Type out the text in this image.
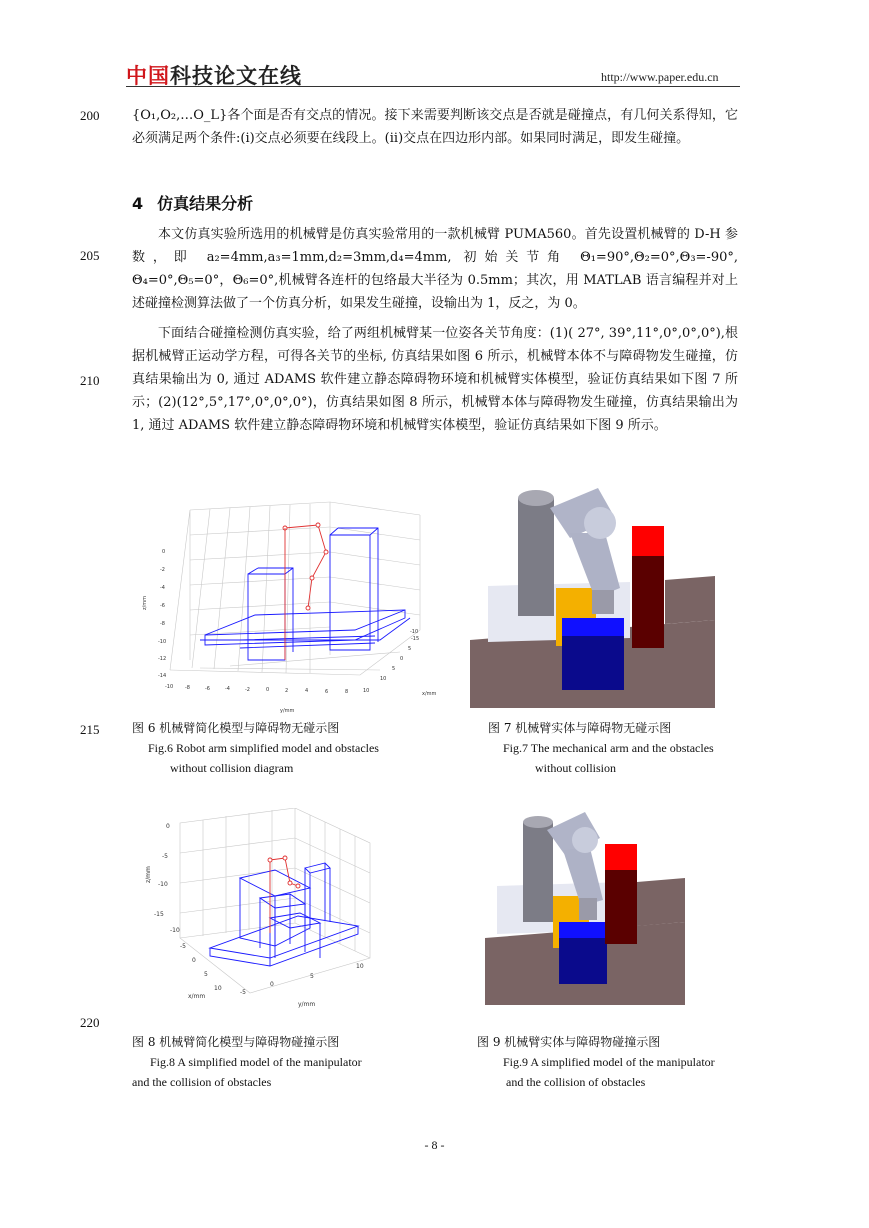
中国科技论文在线	http://www.paper.edu.cn
200
205
210
215
220
{O₁,O₂,…O_L}各个面是否有交点的情况。接下来需要判断该交点是否就是碰撞点，有几何关系得知，它必须满足两个条件:(i)交点必须要在线段上。(ii)交点在四边形内部。如果同时满足，即发生碰撞。
4 仿真结果分析
本文仿真实验所选用的机械臂是仿真实验常用的一款机械臂 PUMA560。首先设置机械臂的 D-H 参数，即 a₂=4mm,a₃=1mm,d₂=3mm,d₄=4mm, 初始关节角 Θ₁=90°,Θ₂=0°,Θ₃=-90°, Θ₄=0°,Θ₅=0°，Θ₆=0°,机械臂各连杆的包络最大半径为 0.5mm；其次，用 MATLAB 语言编程并对上述碰撞检测算法做了一个仿真分析，如果发生碰撞，设输出为 1，反之，为 0。
下面结合碰撞检测仿真实验，给了两组机械臂某一位姿各关节角度：(1)( 27°, 39°,11°,0°,0°,0°),根据机械臂正运动学方程，可得各关节的坐标, 仿真结果如图 6 所示，机械臂本体不与障碍物发生碰撞，仿真结果输出为 0, 通过 ADAMS 软件建立静态障碍物环境和机械臂实体模型，验证仿真结果如下图 7 所示；(2)(12°,5°,17°,0°,0°,0°)，仿真结果如图 8 所示，机械臂本体与障碍物发生碰撞，仿真结果输出为 1, 通过 ADAMS 软件建立静态障碍物环境和机械臂实体模型，验证仿真结果如下图 9 所示。
0
-2
-4
-6
-8
-10
-12
-14
z/mm
-10 -8	-6	-4	-2	0	2	4	6	8	10
y/mm
-10
-15
5
0
5
10
x/mm
图 6 机械臂简化模型与障碍物无碰示图
Fig.6 Robot arm simplified model and obstacles
without collision diagram
图 7 机械臂实体与障碍物无碰示图
Fig.7 The mechanical arm and the obstacles
without collision
0
-5
-10
-15
z/mm
-10
-5
0
5
10
x/mm
-5
0
5
10
y/mm
图 8 机械臂简化模型与障碍物碰撞示图
Fig.8 A simplified model of the manipulator
and the collision of obstacles
图 9 机械臂实体与障碍物碰撞示图
Fig.9 A simplified model of the manipulator
and the collision of obstacles
- 8 -
